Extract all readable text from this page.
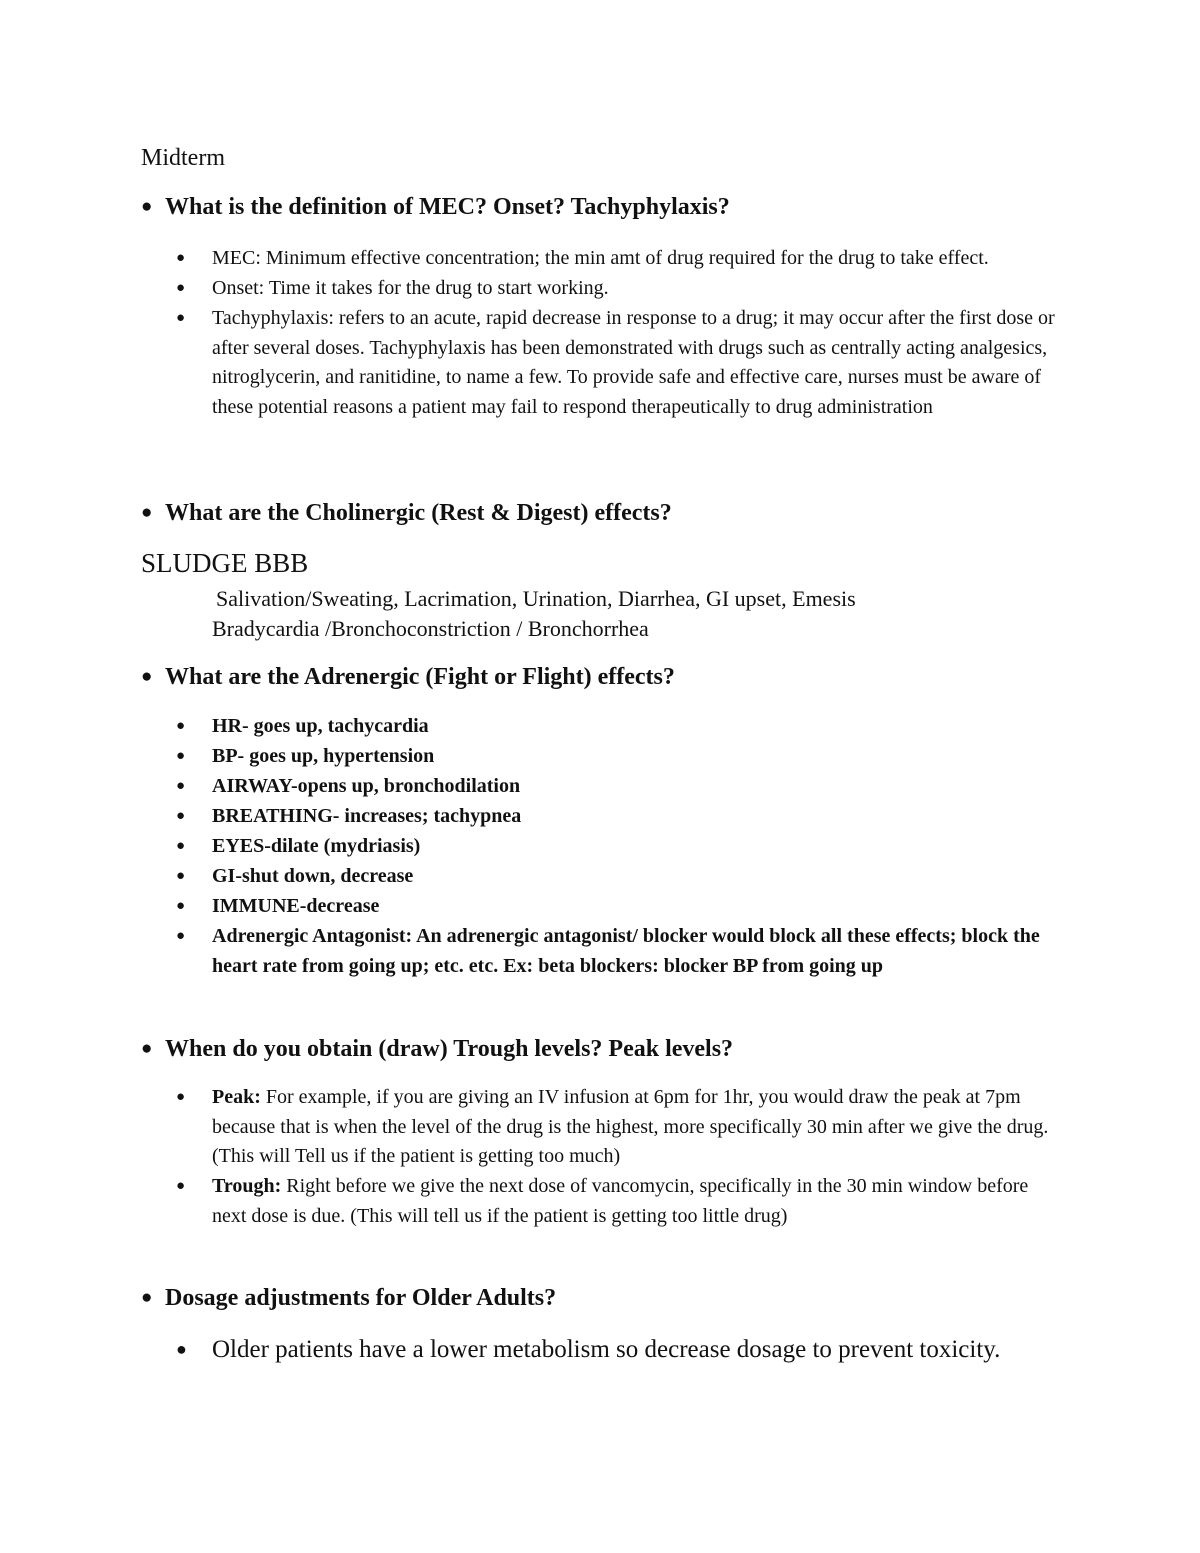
Midterm
● What is the definition of MEC? Onset? Tachyphylaxis?
● MEC: Minimum effective concentration; the min amt of drug required for the drug to take effect.
● Onset: Time it takes for the drug to start working.
● Tachyphylaxis: refers to an acute, rapid decrease in response to a drug; it may occur after the first dose or after several doses. Tachyphylaxis has been demonstrated with drugs such as centrally acting analgesics, nitroglycerin, and ranitidine, to name a few. To provide safe and effective care, nurses must be aware of these potential reasons a patient may fail to respond therapeutically to drug administration
● What are the Cholinergic (Rest & Digest) effects?
SLUDGE BBB
Salivation/Sweating, Lacrimation, Urination, Diarrhea, GI upset, Emesis
Bradycardia /Bronchoconstriction / Bronchorrhea
● What are the Adrenergic (Fight or Flight) effects?
● HR- goes up, tachycardia
● BP- goes up, hypertension
● AIRWAY-opens up, bronchodilation
● BREATHING- increases; tachypnea
● EYES-dilate (mydriasis)
● GI-shut down, decrease
● IMMUNE-decrease
● Adrenergic Antagonist: An adrenergic antagonist/ blocker would block all these effects; block the heart rate from going up; etc. etc. Ex: beta blockers: blocker BP from going up
● When do you obtain (draw) Trough levels? Peak levels?
● Peak: For example, if you are giving an IV infusion at 6pm for 1hr, you would draw the peak at 7pm because that is when the level of the drug is the highest, more specifically 30 min after we give the drug. (This will Tell us if the patient is getting too much)
● Trough: Right before we give the next dose of vancomycin, specifically in the 30 min window before next dose is due. (This will tell us if the patient is getting too little drug)
● Dosage adjustments for Older Adults?
● Older patients have a lower metabolism so decrease dosage to prevent toxicity.
